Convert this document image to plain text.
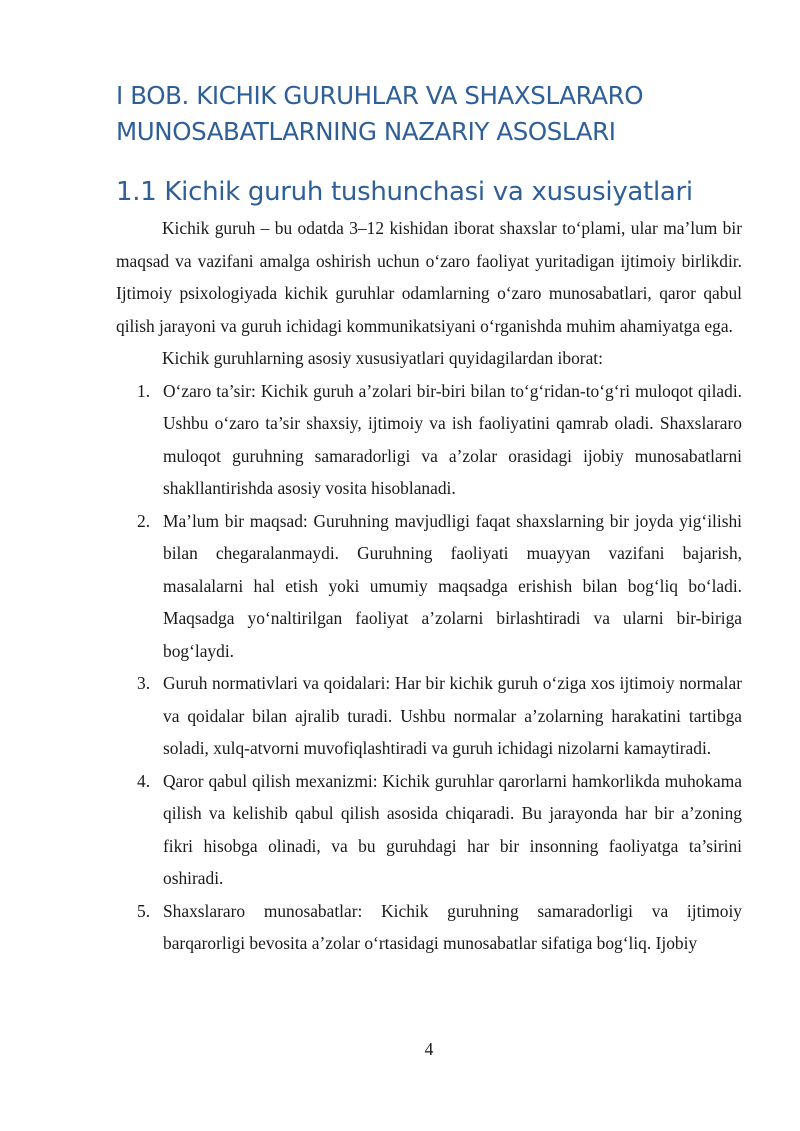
I BOB. KICHIK GURUHLAR VA SHAXSLARARO MUNOSABATLARNING NAZARIY ASOSLARI
1.1 Kichik guruh tushunchasi va xususiyatlari

Kichik guruh – bu odatda 3–12 kishidan iborat shaxslar to‘plami, ular ma’lum bir maqsad va vazifani amalga oshirish uchun o‘zaro faoliyat yuritadigan ijtimoiy birlikdir. Ijtimoiy psixologiyada kichik guruhlar odamlarning o‘zaro munosabatlari, qaror qabul qilish jarayoni va guruh ichidagi kommunikatsiyani o‘rganishda muhim ahamiyatga ega.

Kichik guruhlarning asosiy xususiyatlari quyidagilardan iborat:

1. O‘zaro ta’sir: Kichik guruh a’zolari bir-biri bilan to‘g‘ridan-to‘g‘ri muloqot qiladi. Ushbu o‘zaro ta’sir shaxsiy, ijtimoiy va ish faoliyatini qamrab oladi. Shaxslararo muloqot guruhning samaradorligi va a’zolar orasidagi ijobiy munosabatlarni shakllantirishda asosiy vosita hisoblanadi.
2. Ma’lum bir maqsad: Guruhning mavjudligi faqat shaxslarning bir joyda yig‘ilishi bilan chegaralanmaydi. Guruhning faoliyati muayyan vazifani bajarish, masalalarni hal etish yoki umumiy maqsadga erishish bilan bog‘liq bo‘ladi. Maqsadga yo‘naltirilgan faoliyat a’zolarni birlashtiradi va ularni bir-biriga bog‘laydi.
3. Guruh normativlari va qoidalari: Har bir kichik guruh o‘ziga xos ijtimoiy normalar va qoidalar bilan ajralib turadi. Ushbu normalar a’zolarning harakatini tartibga soladi, xulq-atvorni muvofiqlashtiradi va guruh ichidagi nizolarni kamaytiradi.
4. Qaror qabul qilish mexanizmi: Kichik guruhlar qarorlarni hamkorlikda muhokama qilish va kelishib qabul qilish asosida chiqaradi. Bu jarayonda har bir a’zoning fikri hisobga olinadi, va bu guruhdagi har bir insonning faoliyatga ta’sirini oshiradi.
5. Shaxslararo munosabatlar: Kichik guruhning samaradorligi va ijtimoiy barqarorligi bevosita a’zolar o‘rtasidagi munosabatlar sifatiga bog‘liq. Ijobiy
4
